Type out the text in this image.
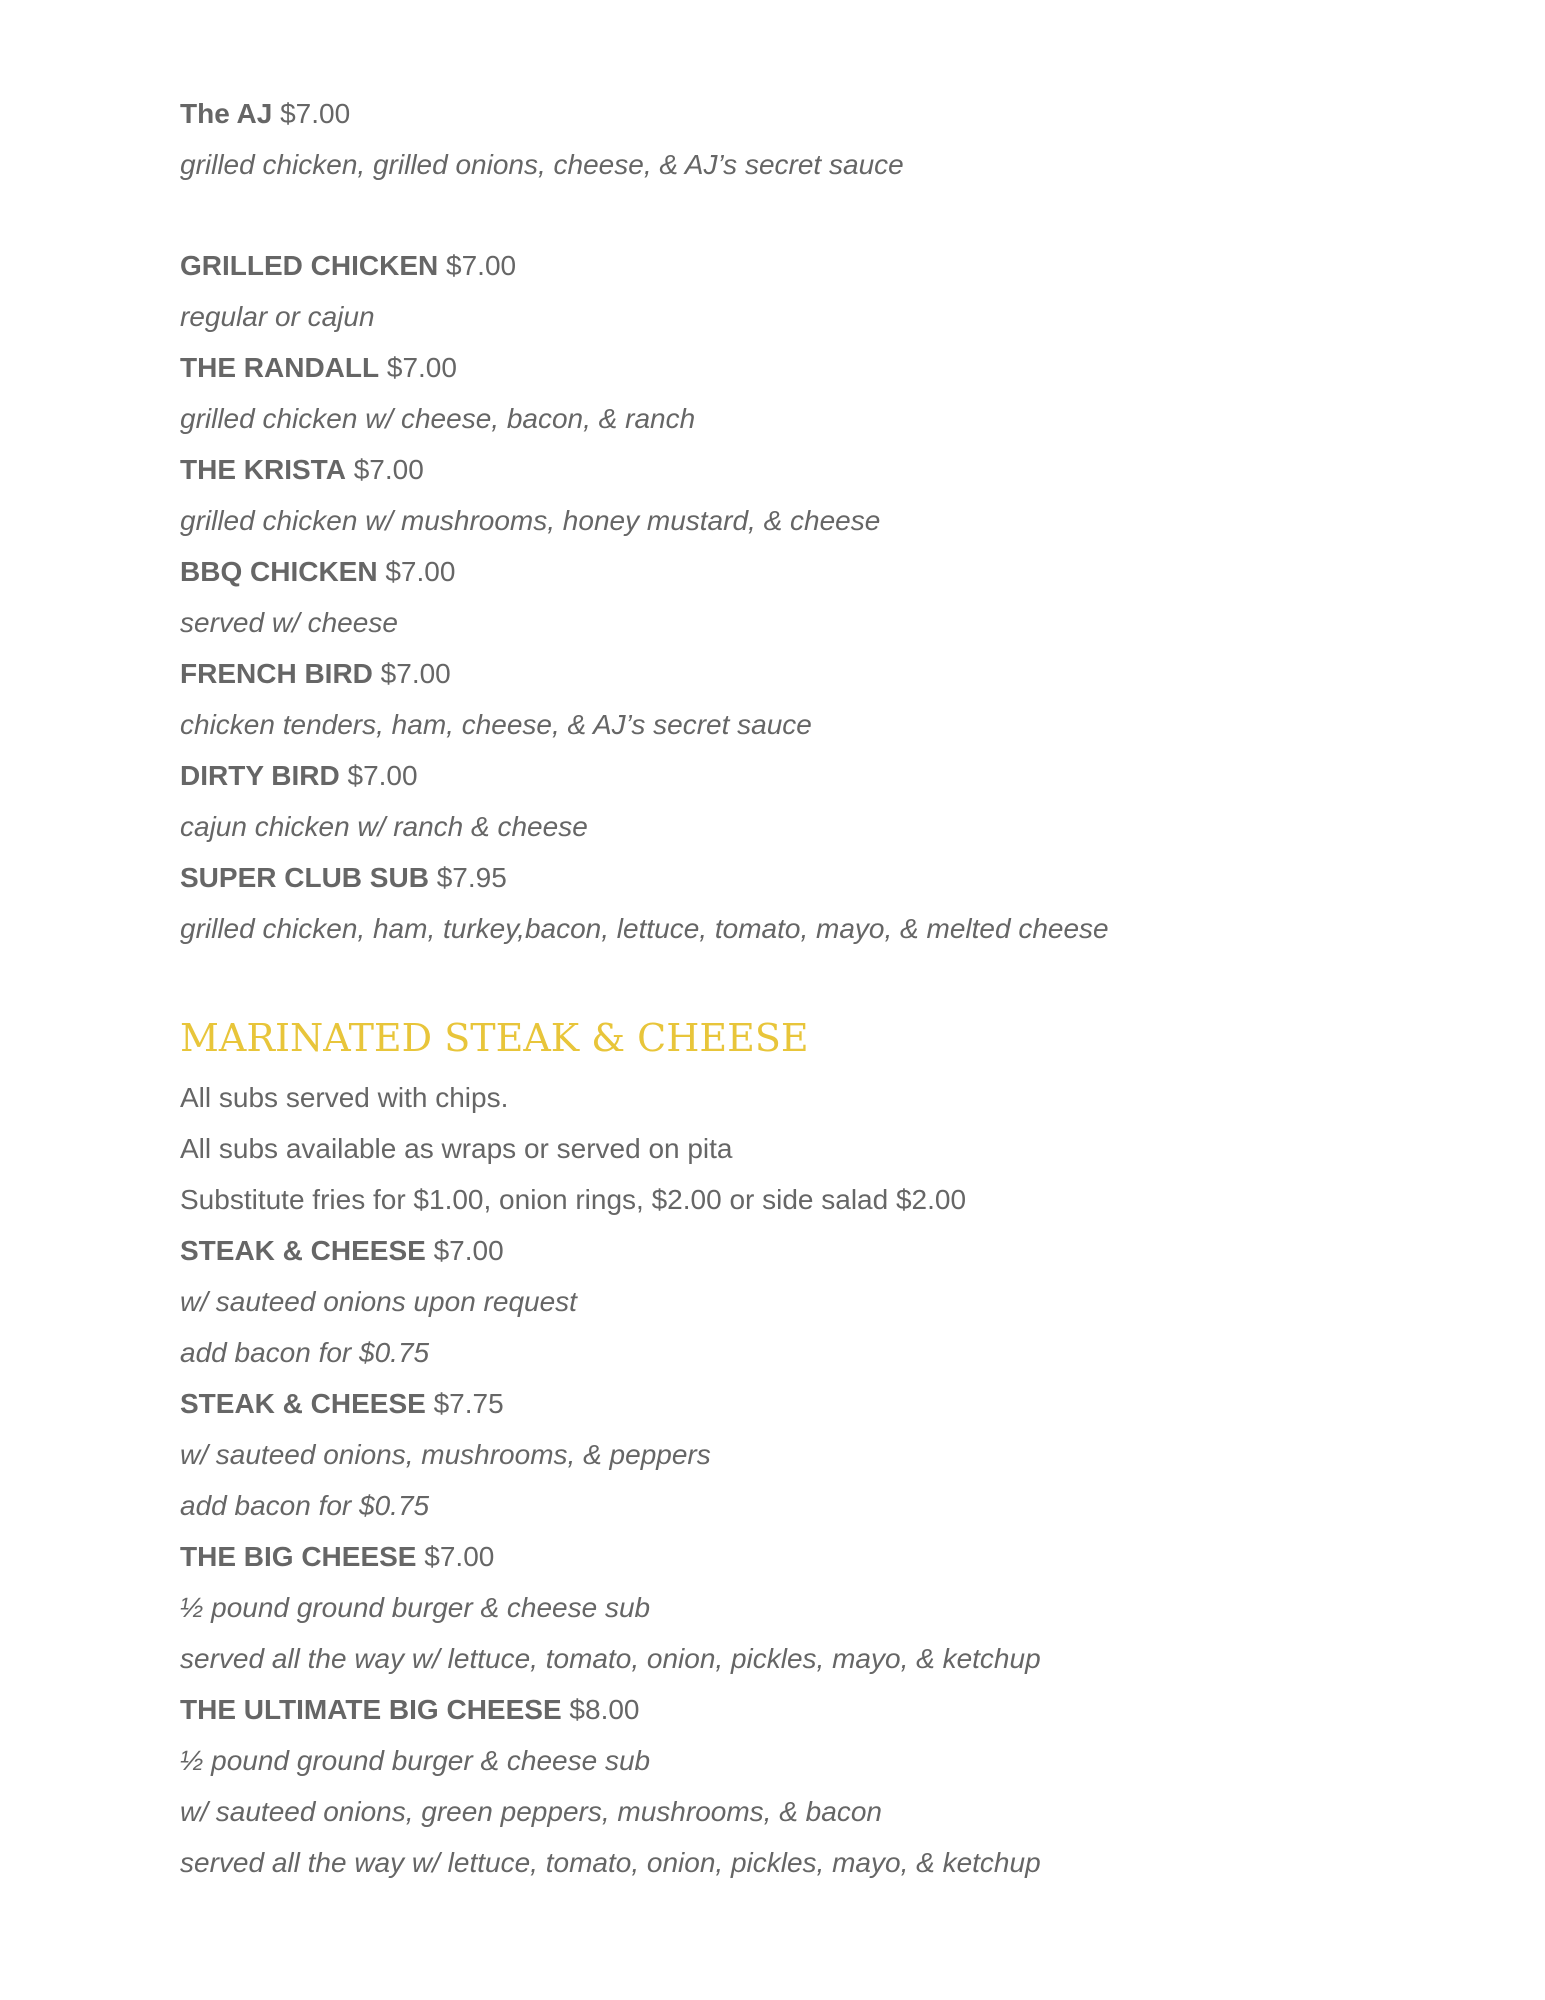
The AJ $7.00
grilled chicken, grilled onions, cheese, & AJ’s secret sauce
GRILLED CHICKEN $7.00
regular or cajun
THE RANDALL $7.00
grilled chicken w/ cheese, bacon, & ranch
THE KRISTA $7.00
grilled chicken w/ mushrooms, honey mustard, & cheese
BBQ CHICKEN $7.00
served w/ cheese
FRENCH BIRD $7.00
chicken tenders, ham, cheese, & AJ’s secret sauce
DIRTY BIRD $7.00
cajun chicken w/ ranch & cheese
SUPER CLUB SUB $7.95
grilled chicken, ham, turkey,bacon, lettuce, tomato, mayo, & melted cheese
MARINATED STEAK & CHEESE
All subs served with chips.
All subs available as wraps or served on pita
Substitute fries for $1.00, onion rings, $2.00 or side salad $2.00
STEAK & CHEESE $7.00
w/ sauteed onions upon request
add bacon for $0.75
STEAK & CHEESE $7.75
w/ sauteed onions, mushrooms, & peppers
add bacon for $0.75
THE BIG CHEESE $7.00
½ pound ground burger & cheese sub
served all the way w/ lettuce, tomato, onion, pickles, mayo, & ketchup
THE ULTIMATE BIG CHEESE $8.00
½ pound ground burger & cheese sub
w/ sauteed onions, green peppers, mushrooms, & bacon
served all the way w/ lettuce, tomato, onion, pickles, mayo, & ketchup
